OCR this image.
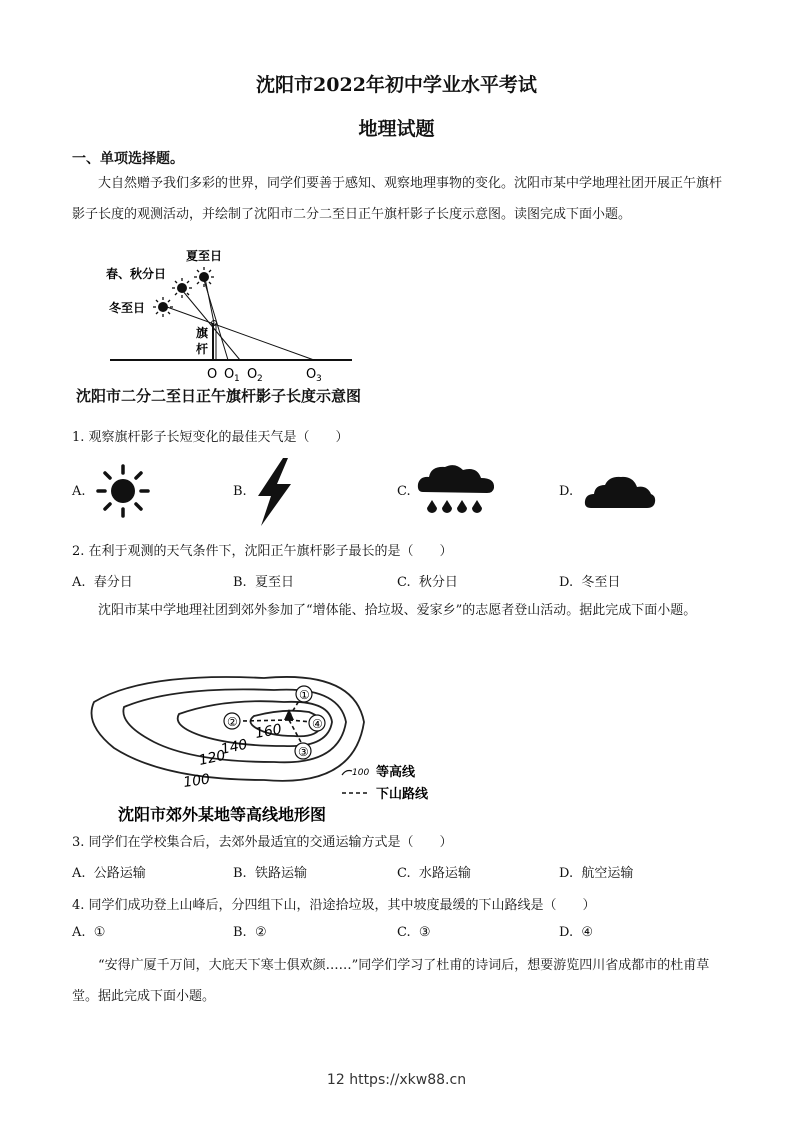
沈阳市2022年初中学业水平考试
地理试题
一、单项选择题。
大自然赠予我们多彩的世界，同学们要善于感知、观察地理事物的变化。沈阳市某中学地理社团开展正午旗杆影子长度的观测活动，并绘制了沈阳市二分二至日正午旗杆影子长度示意图。读图完成下面小题。
夏至日
春、秋分日
冬至日
旗
杆
O O 1 O 2	O 3
沈阳市二分二至日正午旗杆影子长度示意图
1. 观察旗杆影子长短变化的最佳天气是（　　）
A.	B.	C.	D.
2. 在利于观测的天气条件下，沈阳正午旗杆影子最长的是（　　）
A. 春分日	B. 夏至日	C. 秋分日	D. 冬至日
沈阳市某中学地理社团到郊外参加了“增体能、拾垃圾、爱家乡”的志愿者登山活动。据此完成下面小题。
①
②
③
④
160
140
120
100	100 等高线
下山路线
沈阳市郊外某地等高线地形图
3. 同学们在学校集合后，去郊外最适宜的交通运输方式是（　　）
A. 公路运输	B. 铁路运输	C. 水路运输	D. 航空运输
4. 同学们成功登上山峰后，分四组下山，沿途拾垃圾，其中坡度最缓的下山路线是（　　）
A. ①	B. ②	C. ③	D. ④
“安得广厦千万间，大庇天下寒士俱欢颜……”同学们学习了杜甫的诗词后，想要游览四川省成都市的杜甫草堂。据此完成下面小题。
12 https://xkw88.cn
